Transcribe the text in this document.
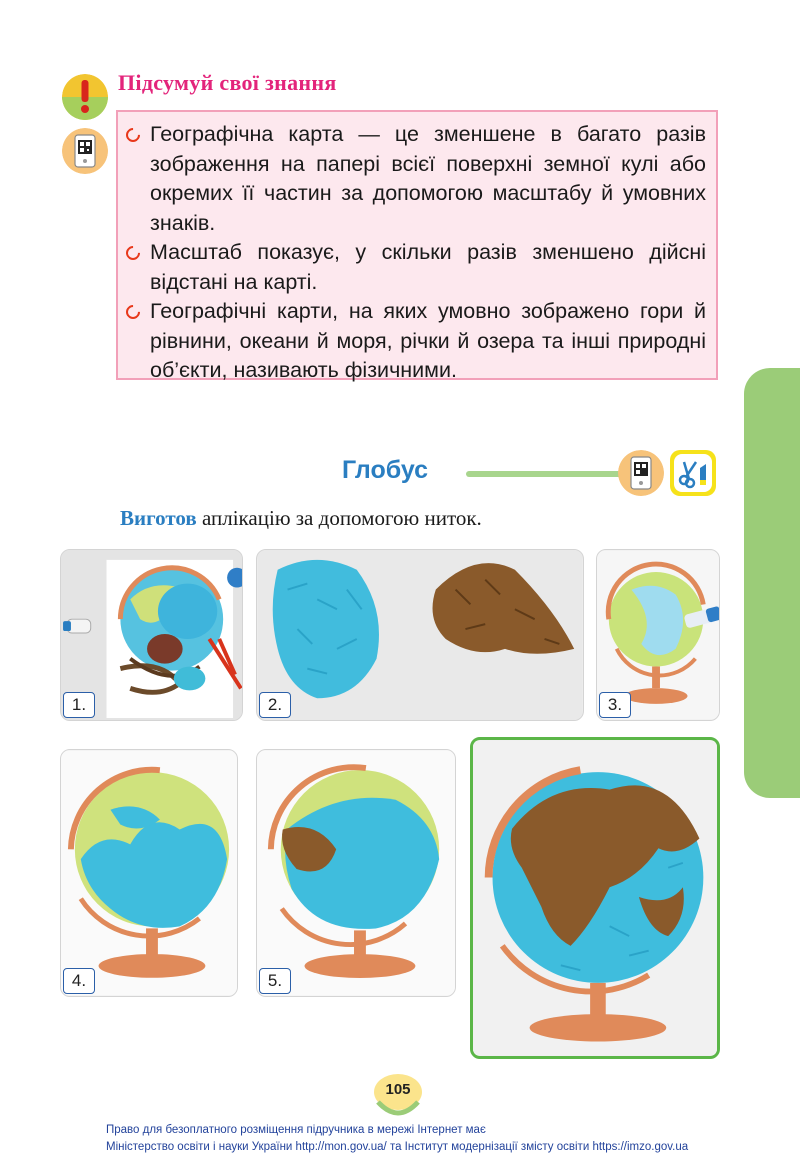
Підсумуй свої знання
Географічна карта — це зменшене в багато разів зображення на папері всієї поверхні земної кулі або окремих її частин за допомогою масштабу й умовних знаків.
Масштаб показує, у скільки разів зменшено дійсні відстані на карті.
Географічні карти, на яких умовно зображено гори й рівнини, океани й моря, річки й озера та інші природні об’єкти, називають фізичними.
Глобус
Виготов аплікацію за допомогою ниток.
1.	2.	3.
4.	5.
105
Право для безоплатного розміщення підручника в мережі Інтернет має
Міністерство освіти і науки України http://mon.gov.ua/ та Інститут модернізації змісту освіти https://imzo.gov.ua
